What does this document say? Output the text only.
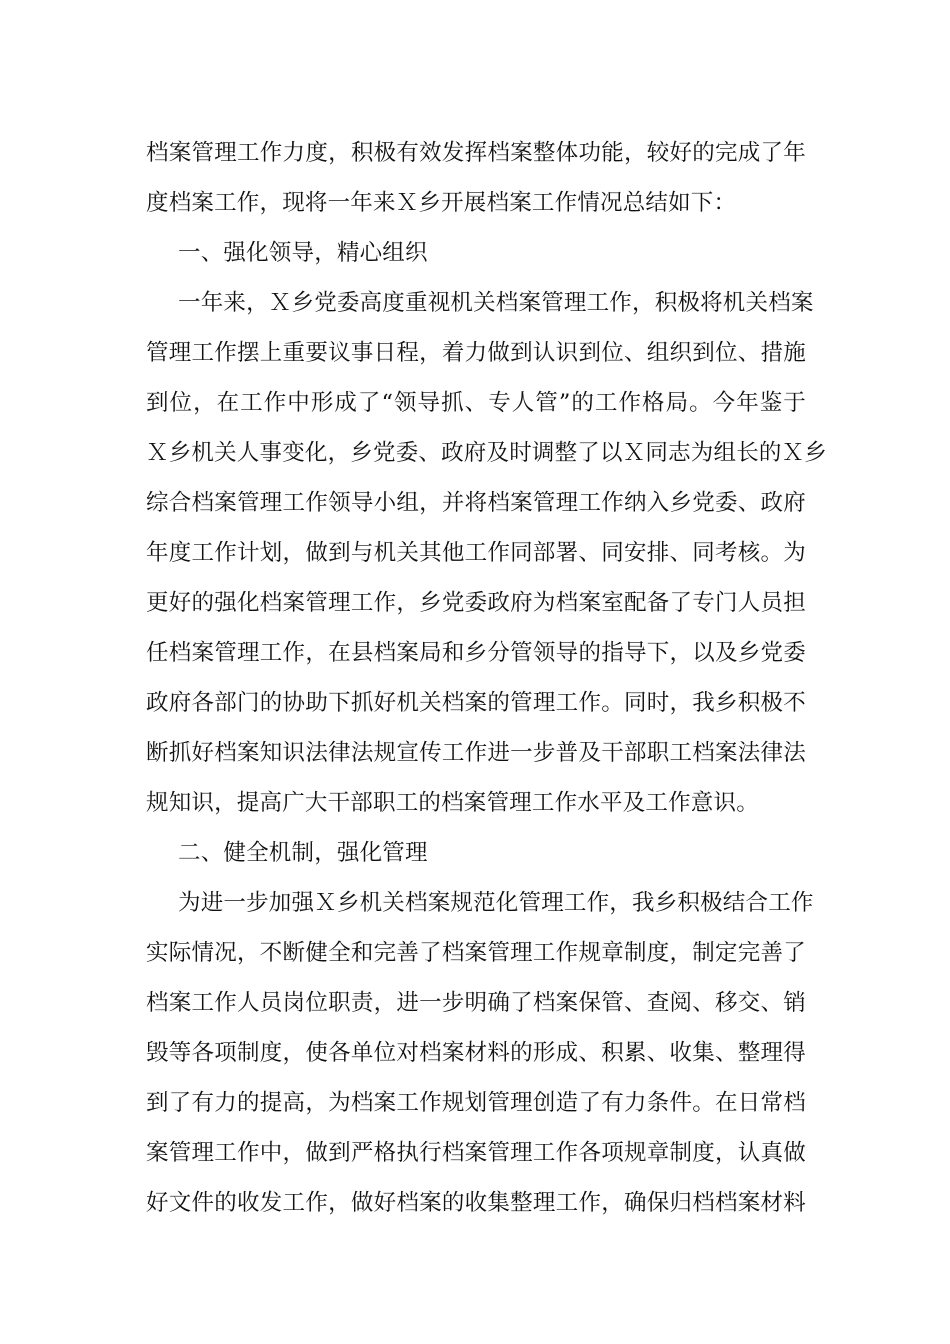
档案管理工作力度，积极有效发挥档案整体功能，较好的完成了年
度档案工作，现将一年来Ｘ乡开展档案工作情况总结如下：
一、强化领导，精心组织
一年来，Ｘ乡党委高度重视机关档案管理工作，积极将机关档案
管理工作摆上重要议事日程，着力做到认识到位、组织到位、措施
到位，在工作中形成了“领导抓、专人管”的工作格局。今年鉴于
Ｘ乡机关人事变化，乡党委、政府及时调整了以Ｘ同志为组长的Ｘ乡
综合档案管理工作领导小组，并将档案管理工作纳入乡党委、政府
年度工作计划，做到与机关其他工作同部署、同安排、同考核。为
更好的强化档案管理工作，乡党委政府为档案室配备了专门人员担
任档案管理工作，在县档案局和乡分管领导的指导下，以及乡党委
政府各部门的协助下抓好机关档案的管理工作。同时，我乡积极不
断抓好档案知识法律法规宣传工作进一步普及干部职工档案法律法
规知识，提高广大干部职工的档案管理工作水平及工作意识。
二、健全机制，强化管理
为进一步加强Ｘ乡机关档案规范化管理工作，我乡积极结合工作
实际情况，不断健全和完善了档案管理工作规章制度，制定完善了
档案工作人员岗位职责，进一步明确了档案保管、查阅、移交、销
毁等各项制度，使各单位对档案材料的形成、积累、收集、整理得
到了有力的提高，为档案工作规划管理创造了有力条件。在日常档
案管理工作中，做到严格执行档案管理工作各项规章制度，认真做
好文件的收发工作，做好档案的收集整理工作，确保归档档案材料
